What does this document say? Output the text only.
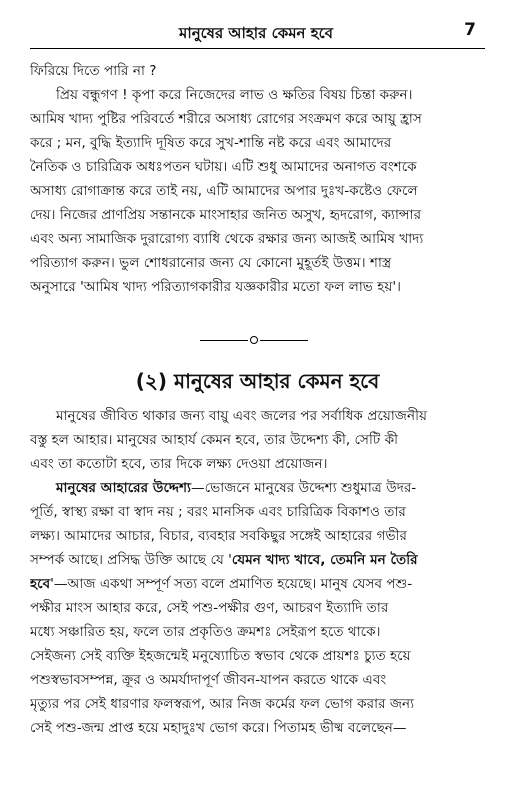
মানুষের আহার কেমন হবে	7
ফিরিয়ে দিতে পারি না ?
প্রিয় বন্ধুগণ ! কৃপা করে নিজেদের লাভ ও ক্ষতির বিষয় চিন্তা করুন।
আমিষ খাদ্য পুষ্টির পরিবর্তে শরীরে অসাধ্য রোগের সংক্রমণ করে আয়ু হ্রাস
করে ; মন, বুদ্ধি ইত্যাদি দূষিত করে সুখ-শান্তি নষ্ট করে এবং আমাদের
নৈতিক ও চারিত্রিক অধঃপতন ঘটায়। এটি শুধু আমাদের অনাগত বংশকে
অসাধ্য রোগাক্রান্ত করে তাই নয়, এটি আমাদের অপার দুঃখ-কষ্টেও ফেলে
দেয়। নিজের প্রাণপ্রিয় সন্তানকে মাংসাহার জনিত অসুখ, হৃদরোগ, ক্যান্সার
এবং অন্য সামাজিক দুরারোগ্য ব্যাধি থেকে রক্ষার জন্য আজই আমিষ খাদ্য
পরিত্যাগ করুন। ভুল শোধরানোর জন্য যে কোনো মুহূর্তই উত্তম। শাস্ত্র
অনুসারে 'আমিষ খাদ্য পরিত্যাগকারীর যজ্ঞকারীর মতো ফল লাভ হয়'।
(২) মানুষের আহার কেমন হবে
মানুষের জীবিত থাকার জন্য বায়ু এবং জলের পর সর্বাধিক প্রয়োজনীয়
বস্তু হল আহার। মানুষের আহার্য কেমন হবে, তার উদ্দেশ্য কী, সেটি কী
এবং তা কতোটা হবে, তার দিকে লক্ষ্য দেওয়া প্রয়োজন।
মানুষের আহারের উদ্দেশ্য—ভোজনে মানুষের উদ্দেশ্য শুধুমাত্র উদর-
পূর্তি, স্বাস্থ্য রক্ষা বা স্বাদ নয় ; বরং মানসিক এবং চারিত্রিক বিকাশও তার
লক্ষ্য। আমাদের আচার, বিচার, ব্যবহার সবকিছুর সঙ্গেই আহারের গভীর
সম্পর্ক আছে। প্রসিদ্ধ উক্তি আছে যে 'যেমন খাদ্য খাবে, তেমনি মন তৈরি
হবে'—আজ একথা সম্পূর্ণ সত্য বলে প্রমাণিত হয়েছে। মানুষ যেসব পশু-
পক্ষীর মাংস আহার করে, সেই পশু-পক্ষীর গুণ, আচরণ ইত্যাদি তার
মধ্যে সঞ্চারিত হয়, ফলে তার প্রকৃতিও ক্রমশঃ সেইরূপ হতে থাকে।
সেইজন্য সেই ব্যক্তি ইহজন্মেই মনুষ্যোচিত স্বভাব থেকে প্রায়শঃ চ্যুত হয়ে
পশুস্বভাবসম্পন্ন, ক্রূর ও অমর্যাদাপূর্ণ জীবন-যাপন করতে থাকে এবং
মৃত্যুর পর সেই ধারণার ফলস্বরূপ, আর নিজ কর্মের ফল ভোগ করার জন্য
সেই পশু-জন্ম প্রাপ্ত হয়ে মহাদুঃখ ভোগ করে। পিতামহ ভীষ্ম বলেছেন—
